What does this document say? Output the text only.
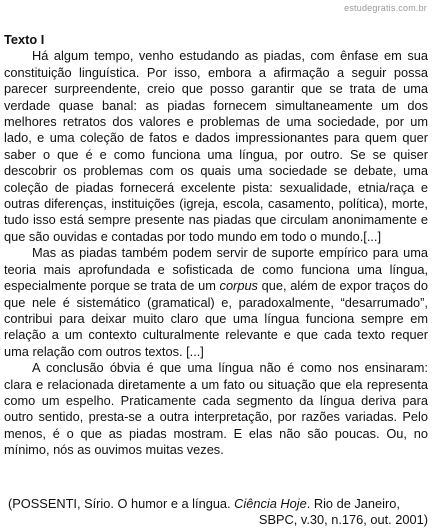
estudegratis.com.br

Texto I

Há algum tempo, venho estudando as piadas, com ênfase em sua constituição linguística. Por isso, embora a afirmação a seguir possa parecer surpreendente, creio que posso garantir que se trata de uma verdade quase banal: as piadas fornecem simultaneamente um dos melhores retratos dos valores e problemas de uma sociedade, por um lado, e uma coleção de fatos e dados impressionantes para quem quer saber o que é e como funciona uma língua, por outro. Se se quiser descobrir os problemas com os quais uma sociedade se debate, uma coleção de piadas fornecerá excelente pista: sexualidade, etnia/raça e outras diferenças, instituições (igreja, escola, casamento, política), morte, tudo isso está sempre presente nas piadas que circulam anonimamente e que são ouvidas e contadas por todo mundo em todo o mundo.[...]

Mas as piadas também podem servir de suporte empírico para uma teoria mais aprofundada e sofisticada de como funciona uma língua, especialmente porque se trata de um corpus que, além de expor traços do que nele é sistemático (gramatical) e, paradoxalmente, “desarrumado”, contribui para deixar muito claro que uma língua funciona sempre em relação a um contexto culturalmente relevante e que cada texto requer uma relação com outros textos. [...]

A conclusão óbvia é que uma língua não é como nos ensinaram: clara e relacionada diretamente a um fato ou situação que ela representa como um espelho. Praticamente cada segmento da língua deriva para outro sentido, presta-se a outra interpretação, por razões variadas. Pelo menos, é o que as piadas mostram. E elas não são poucas. Ou, no mínimo, nós as ouvimos muitas vezes.

(POSSENTI, Sírio. O humor e a língua. Ciência Hoje. Rio de Janeiro,

SBPC, v.30, n.176, out. 2001)
